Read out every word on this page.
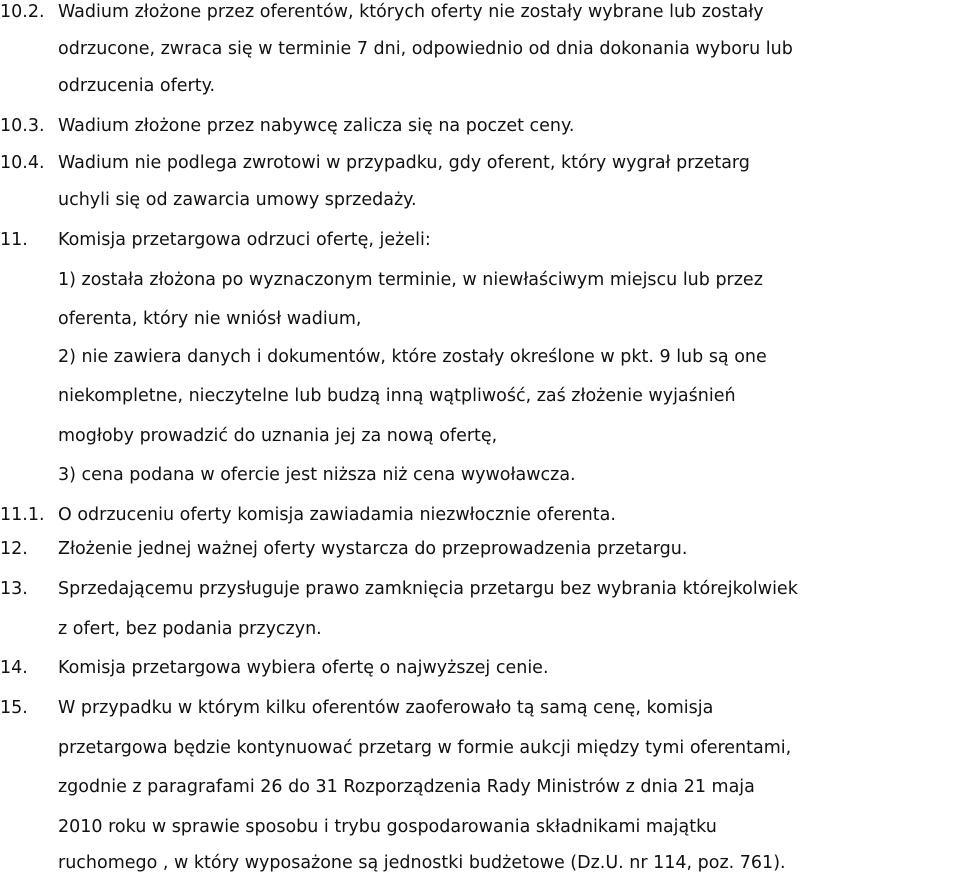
10.2. Wadium złożone przez oferentów, których oferty nie zostały wybrane lub zostały
odrzucone, zwraca się w terminie 7 dni, odpowiednio od dnia dokonania wyboru lub
odrzucenia oferty.
10.3. Wadium złożone przez nabywcę zalicza się na poczet ceny.
10.4. Wadium nie podlega zwrotowi w przypadku, gdy oferent, który wygrał przetarg
uchyli się od zawarcia umowy sprzedaży.
11. Komisja przetargowa odrzuci ofertę, jeżeli:
1) została złożona po wyznaczonym terminie, w niewłaściwym miejscu lub przez
oferenta, który nie wniósł wadium,
2) nie zawiera danych i dokumentów, które zostały określone w pkt. 9 lub są one
niekompletne, nieczytelne lub budzą inną wątpliwość, zaś złożenie wyjaśnień
mogłoby prowadzić do uznania jej za nową ofertę,
3) cena podana w ofercie jest niższa niż cena wywoławcza.
11.1. O odrzuceniu oferty komisja zawiadamia niezwłocznie oferenta.
12. Złożenie jednej ważnej oferty wystarcza do przeprowadzenia przetargu.
13. Sprzedającemu przysługuje prawo zamknięcia przetargu bez wybrania którejkolwiek
z ofert, bez podania przyczyn.
14. Komisja przetargowa wybiera ofertę o najwyższej cenie.
15. W przypadku w którym kilku oferentów zaoferowało tą samą cenę, komisja
przetargowa będzie kontynuować przetarg w formie aukcji między tymi oferentami,
zgodnie z paragrafami 26 do 31 Rozporządzenia Rady Ministrów z dnia 21 maja
2010 roku w sprawie sposobu i trybu gospodarowania składnikami majątku
ruchomego , w który wyposażone są jednostki budżetowe (Dz.U. nr 114, poz. 761).
